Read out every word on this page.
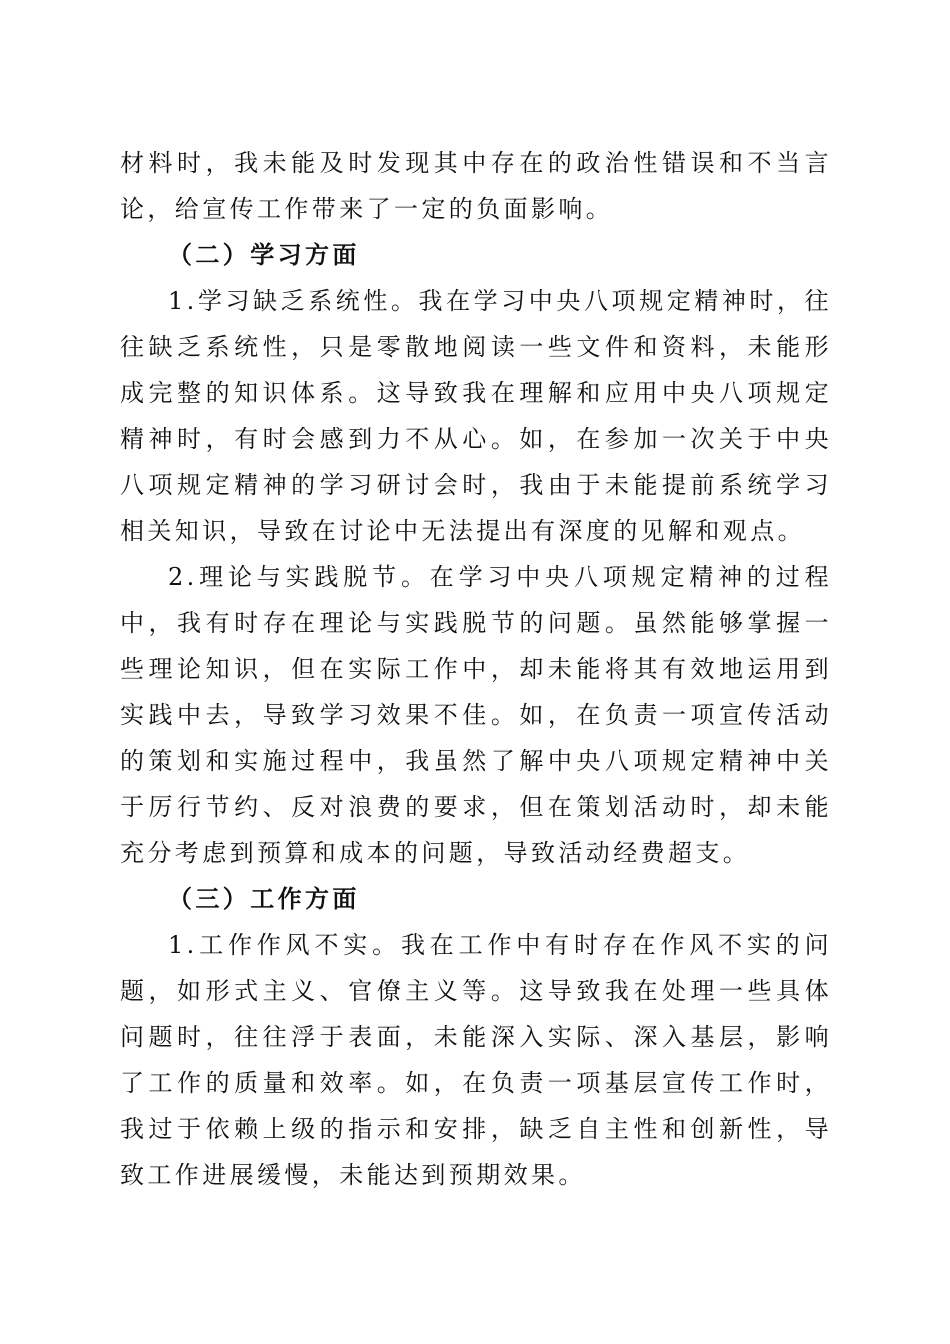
材料时，我未能及时发现其中存在的政治性错误和不当言论，给宣传工作带来了一定的负面影响。

（二）学习方面

1.学习缺乏系统性。我在学习中央八项规定精神时，往往缺乏系统性，只是零散地阅读一些文件和资料，未能形成完整的知识体系。这导致我在理解和应用中央八项规定精神时，有时会感到力不从心。如，在参加一次关于中央八项规定精神的学习研讨会时，我由于未能提前系统学习相关知识，导致在讨论中无法提出有深度的见解和观点。

2.理论与实践脱节。在学习中央八项规定精神的过程中，我有时存在理论与实践脱节的问题。虽然能够掌握一些理论知识，但在实际工作中，却未能将其有效地运用到实践中去，导致学习效果不佳。如，在负责一项宣传活动的策划和实施过程中，我虽然了解中央八项规定精神中关于厉行节约、反对浪费的要求，但在策划活动时，却未能充分考虑到预算和成本的问题，导致活动经费超支。

（三）工作方面

1.工作作风不实。我在工作中有时存在作风不实的问题，如形式主义、官僚主义等。这导致我在处理一些具体问题时，往往浮于表面，未能深入实际、深入基层，影响了工作的质量和效率。如，在负责一项基层宣传工作时，我过于依赖上级的指示和安排，缺乏自主性和创新性，导致工作进展缓慢，未能达到预期效果。
